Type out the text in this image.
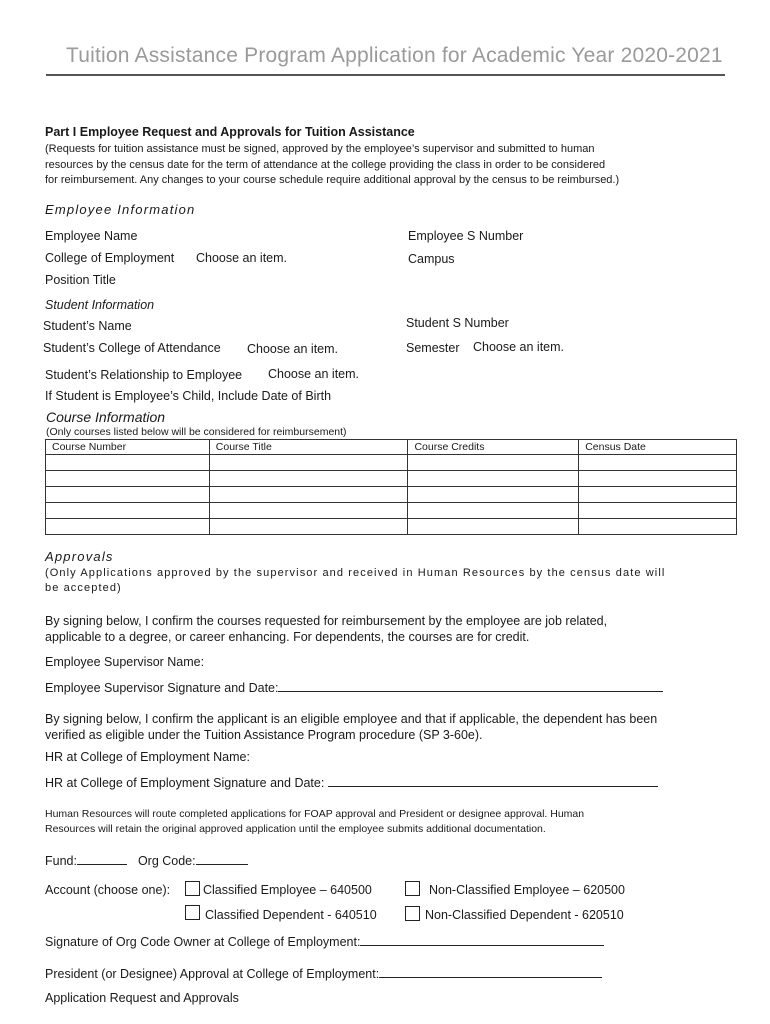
Tuition Assistance Program Application for Academic Year 2020-2021
Part I Employee Request and Approvals for Tuition Assistance
(Requests for tuition assistance must be signed, approved by the employee’s supervisor and submitted to human
resources by the census date for the term of attendance at the college providing the class in order to be considered
for reimbursement. Any changes to your course schedule require additional approval by the census to be reimbursed.)
Employee Information
Employee Name	Employee S Number
College of Employment Choose an item.	Campus
Position Title
Student Information
Student’s Name	Student S Number
Student’s College of Attendance Choose an item.	Semester Choose an item.
Student’s Relationship to Employee Choose an item.
If Student is Employee’s Child, Include Date of Birth
Course Information
(Only courses listed below will be considered for reimbursement)
Course Number	Course Title	Course Credits	Census Date

Approvals
(Only Applications approved by the supervisor and received in Human Resources by the census date will
be accepted)
By signing below, I confirm the courses requested for reimbursement by the employee are job related,
applicable to a degree, or career enhancing. For dependents, the courses are for credit.
Employee Supervisor Name:
Employee Supervisor Signature and Date:
By signing below, I confirm the applicant is an eligible employee and that if applicable, the dependent has been
verified as eligible under the Tuition Assistance Program procedure (SP 3-60e).
HR at College of Employment Name:
HR at College of Employment Signature and Date:
Human Resources will route completed applications for FOAP approval and President or designee approval. Human
Resources will retain the original approved application until the employee submits additional documentation.
Fund:	Org Code:
Account (choose one):	Classified Employee – 640500	Non-Classified Employee – 620500
Classified Dependent - 640510	Non-Classified Dependent - 620510
Signature of Org Code Owner at College of Employment:
President (or Designee) Approval at College of Employment:
Application Request and Approvals
